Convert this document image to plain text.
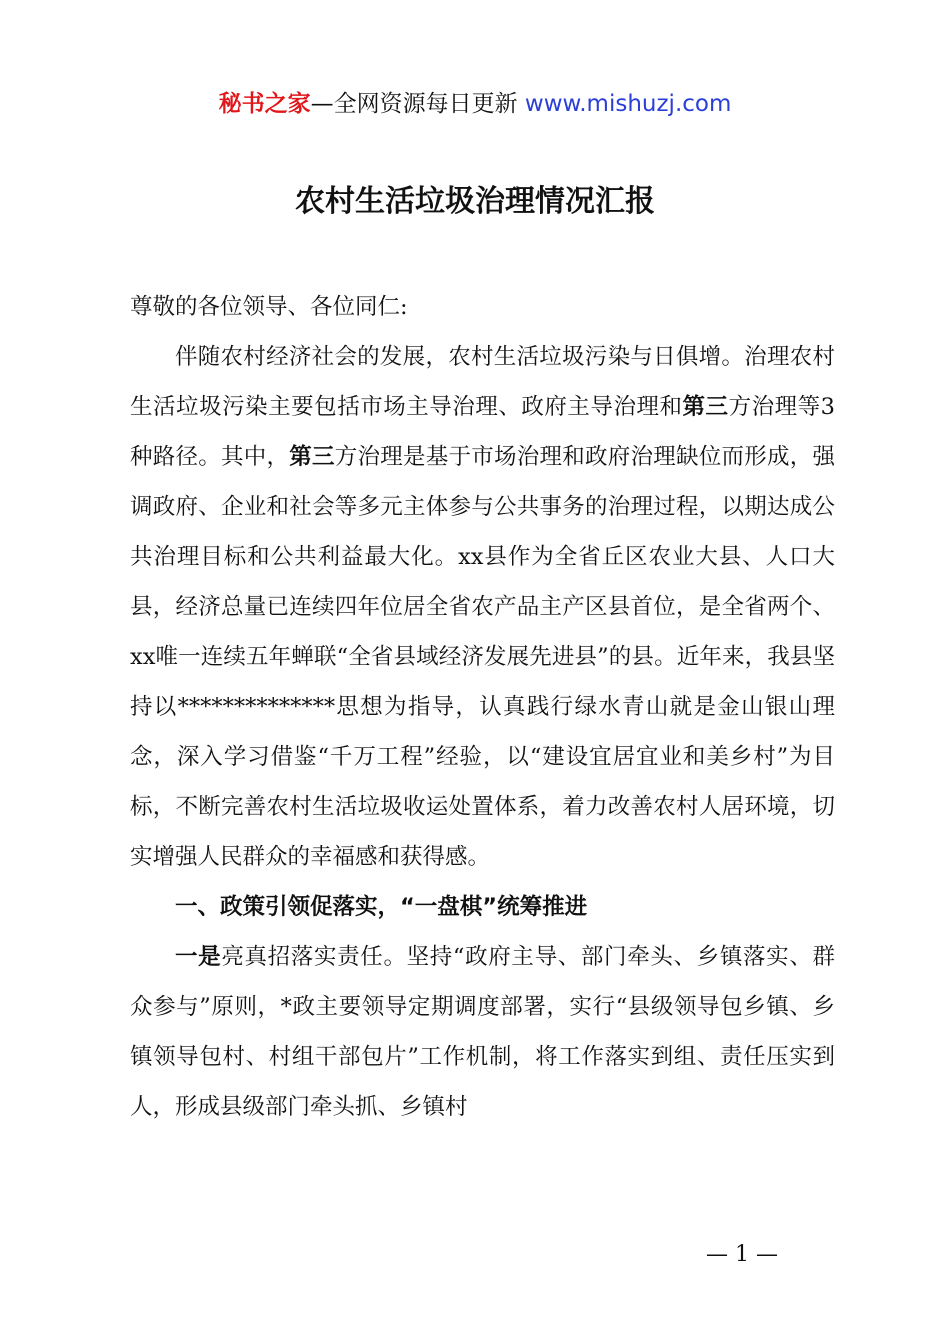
秘书之家—全网资源每日更新 www.mishuzj.com
农村生活垃圾治理情况汇报

尊敬的各位领导、各位同仁:

伴随农村经济社会的发展，农村生活垃圾污染与日俱增。治理农村生活垃圾污染主要包括市场主导治理、政府主导治理和第三方治理等3种路径。其中，第三方治理是基于市场治理和政府治理缺位而形成，强调政府、企业和社会等多元主体参与公共事务的治理过程，以期达成公共治理目标和公共利益最大化。xx县作为全省丘区农业大县、人口大县，经济总量已连续四年位居全省农产品主产区县首位，是全省两个、xx唯一连续五年蝉联“全省县域经济发展先进县”的县。近年来，我县坚持以**************思想为指导，认真践行绿水青山就是金山银山理念，深入学习借鉴“千万工程”经验，以“建设宜居宜业和美乡村”为目标，不断完善农村生活垃圾收运处置体系，着力改善农村人居环境，切实增强人民群众的幸福感和获得感。

一、政策引领促落实，“一盘棋”统筹推进

一是亮真招落实责任。坚持“政府主导、部门牵头、乡镇落实、群众参与”原则，*政主要领导定期调度部署，实行“县级领导包乡镇、乡镇领导包村、村组干部包片”工作机制，将工作落实到组、责任压实到人，形成县级部门牵头抓、乡镇村

— 1 —
